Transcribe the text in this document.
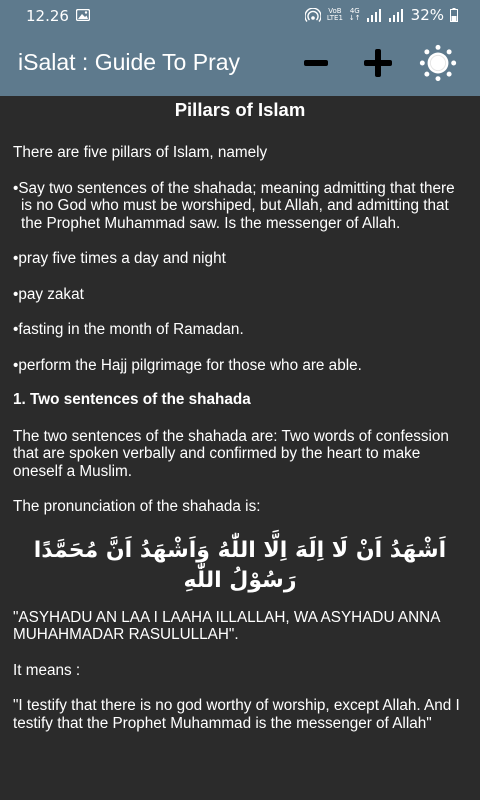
12.26	VoB
LTE1
4G
↓↑	32%
iSalat : Guide To Pray
Pillars of Islam

There are five pillars of Islam, namely

•Say two sentences of the shahada; meaning admitting that there is no God who must be worshiped, but Allah, and admitting that the Prophet Muhammad saw. Is the messenger of Allah.

•pray five times a day and night

•pay zakat

•fasting in the month of Ramadan.

•perform the Hajj pilgrimage for those who are able.

1. Two sentences of the shahada

The two sentences of the shahada are: Two words of confession that are spoken verbally and confirmed by the heart to make oneself a Muslim.

The pronunciation of the shahada is:

اَشْهَدُ اَنْ لَا اِلَهَ اِلَّا اللّٰهُ وَاَشْهَدُ اَنَّ مُحَمَّدًا رَسُوْلُ اللّٰهِ

"ASYHADU AN LAA I LAAHA ILLALLAH, WA ASYHADU ANNA MUHAHMADAR RASULULLAH".

It means :

"I testify that there is no god worthy of worship, except Allah. And I testify that the Prophet Muhammad is the messenger of Allah"
